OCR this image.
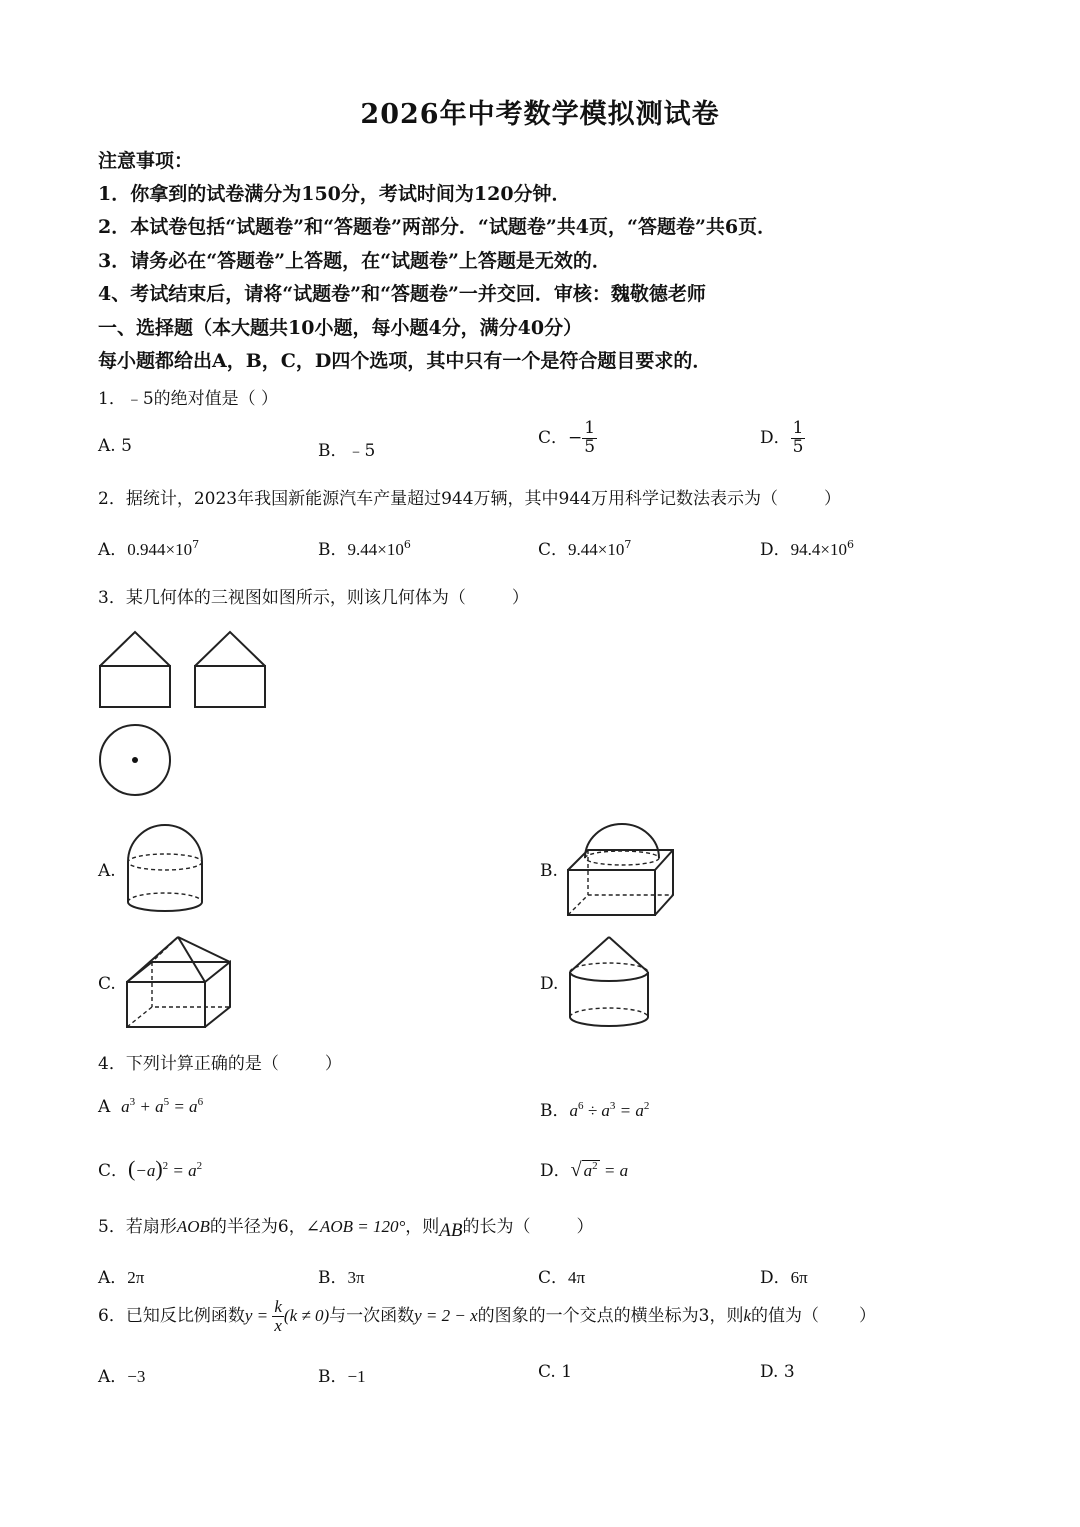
2026年中考数学模拟测试卷
注意事项：
1．你拿到的试卷满分为150分，考试时间为120分钟．
2．本试卷包括“试题卷”和“答题卷”两部分．“试题卷”共4页，“答题卷”共6页．
3．请务必在“答题卷”上答题，在“试题卷”上答题是无效的．
4、考试结束后，请将“试题卷”和“答题卷”一并交回．审核：魏敬德老师
一、选择题（本大题共10小题，每小题4分，满分40分）
每小题都给出A，B，C，D四个选项，其中只有一个是符合题目要求的．
1．﹣5的绝对值是（ ）
A. 5	B．﹣5
C．− $\frac{1}{5}$	D． $\frac{1}{5}$
2．据统计，2023年我国新能源汽车产量超过944万辆，其中944万用科学记数法表示为（	）
A．$0.944\times 10^7$	B．$9.44\times 10^6$	C．$9.44\times 10^7$	D．$94.4\times 10^6$
3．某几何体的三视图如图所示，则该几何体为（	）
A.	B.
C.	D.
4．下列计算正确的是（	）
A $a^3 + a^5 = a^6$	B．$a^6 \div a^3 = a^2$
C．$(-a)^2 = a^2$	D．√ $a^2 = a$
5．若扇形AOB的半径为6，∠AOB = 120°，则AB的长为（	）
A．2π	B．3π	C．4π	D．6π
6．已知反比例函数$y = \frac{k}{x} (k \ne 0)$与一次函数y = 2 − x的图象的一个交点的横坐标为3，则k的值为（ ）
A．−3	B．−1	C. 1	D. 3
